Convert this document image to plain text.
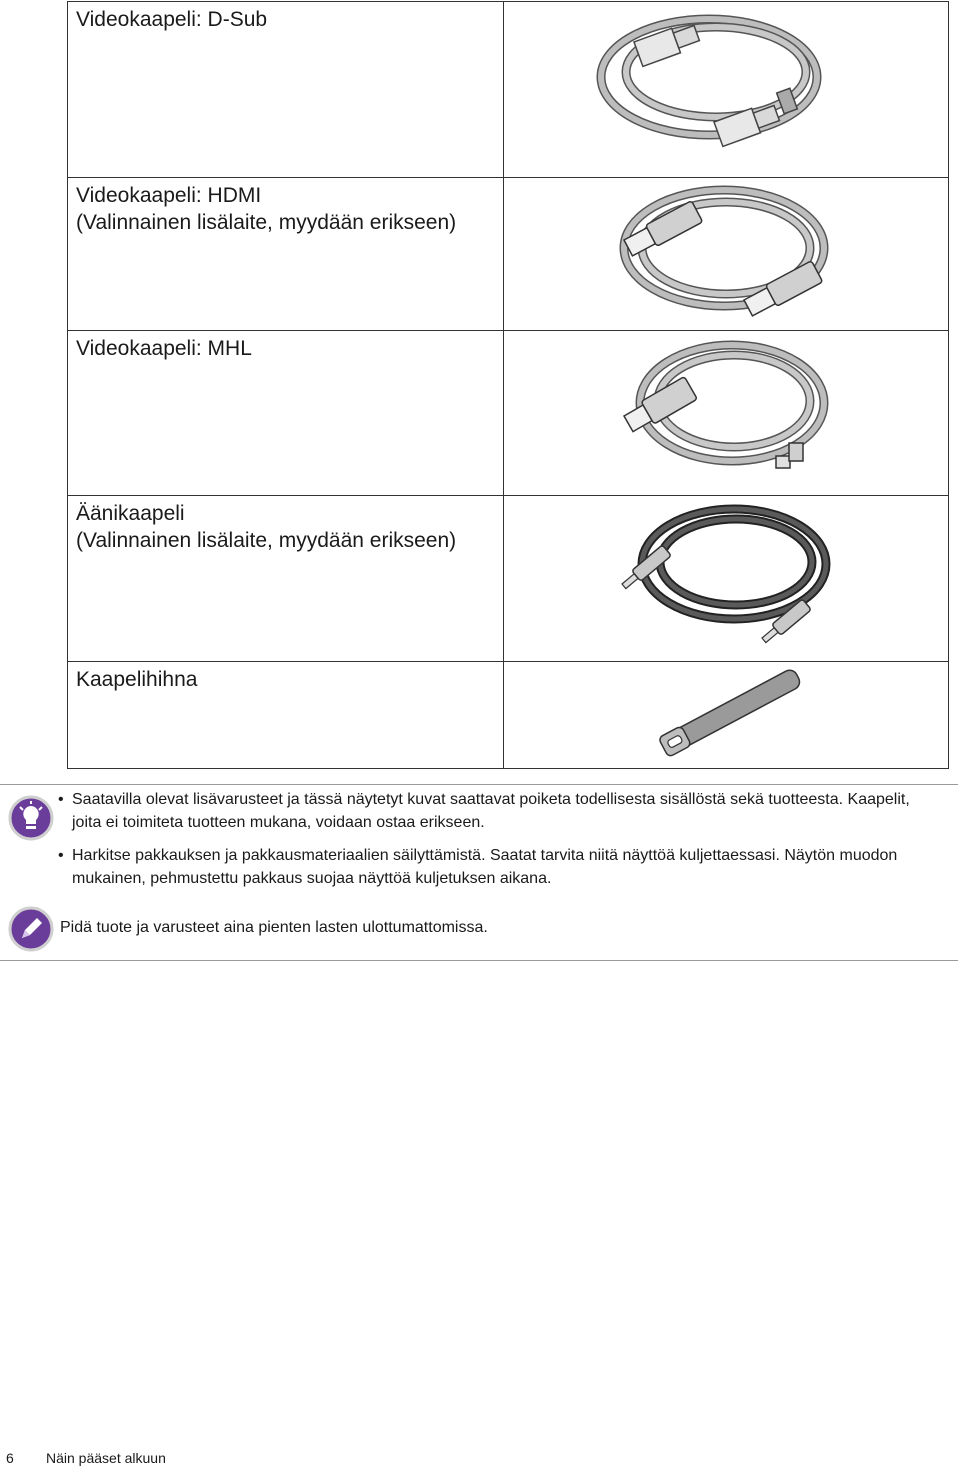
Videokaapeli: D-Sub

Videokaapeli: HDMI
(Valinnainen lisälaite, myydään erikseen)

Videokaapeli: MHL

Äänikaapeli
(Valinnainen lisälaite, myydään erikseen)

Kaapelihihna

• Saatavilla olevat lisävarusteet ja tässä näytetyt kuvat saattavat poiketa todellisesta sisällöstä sekä tuotteesta. Kaapelit, joita ei toimiteta tuotteen mukana, voidaan ostaa erikseen.
• Harkitse pakkauksen ja pakkausmateriaalien säilyttämistä. Saatat tarvita niitä näyttöä kuljettaessasi. Näytön muodon mukainen, pehmustettu pakkaus suojaa näyttöä kuljetuksen aikana.
Pidä tuote ja varusteet aina pienten lasten ulottumattomissa.
6 Näin pääset alkuun
